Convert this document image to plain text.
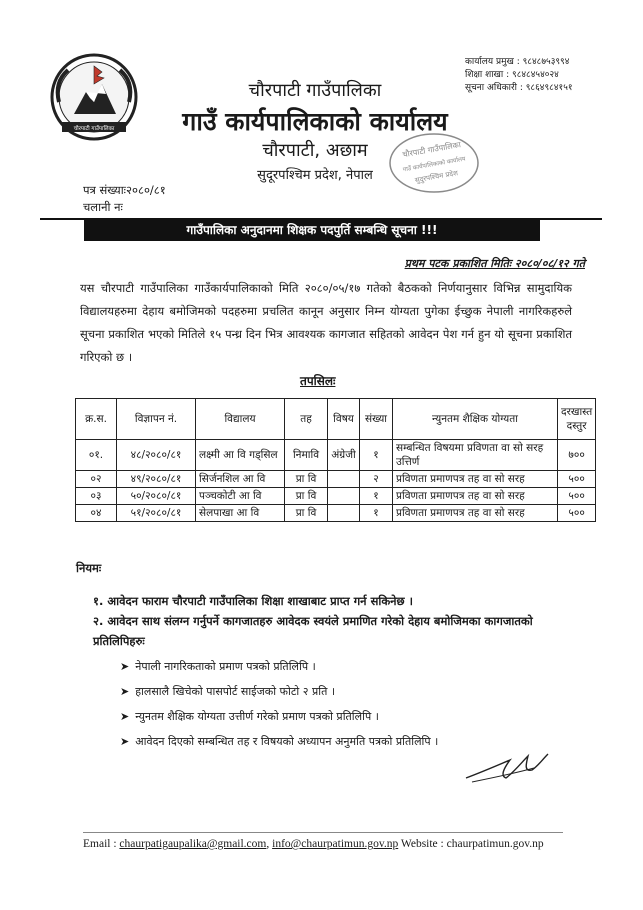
चौरपाटी गाउँपालिका
चौरपाटी गाउँपालिका
गाउँ कार्यपालिकाको कार्यालय
चौरपाटी, अछाम
सुदूरपश्चिम प्रदेश, नेपाल
कार्यालय प्रमुख : ९८४८७५३९९४
शिक्षा शाखा : ९८४८४५४०२४
सूचना अधिकारी : ९८६४९८४१५१
चौरपाटी गाउँपालिका
गाउँ कार्यपालिकाको कार्यालय
सुदुरपश्चिम प्रदेश
पत्र संख्याः२०८०/८१
चलानी नः
गाउँपालिका अनुदानमा शिक्षक पदपुर्ति सम्बन्धि सूचना !!!
प्रथम पटक प्रकाशित मितिः २०८०/०८/१२ गते
यस चौरपाटी गाउँपालिका गाउँकार्यपालिकाको मिति २०८०/०५/१७ गतेको बैठकको निर्णयानुसार विभिन्न सामुदायिक विद्यालयहरुमा देहाय बमोजिमको पदहरुमा प्रचलित कानून अनुसार निम्न योग्यता पुगेका ईच्छुक नेपाली नागरिकहरुले सूचना प्रकाशित भएको मितिले १५ पन्ध्र दिन भित्र आवश्यक कागजात सहितको आवेदन पेश गर्न हुन यो सूचना प्रकाशित गरिएको छ ।
तपसिलः
क्र.स.	विज्ञापन नं.	विद्यालय	तह	विषय	संख्या	न्युनतम शैक्षिक योग्यता	दरखास्त दस्तुर
०१.	४८/२०८०/८१	लक्ष्मी आ वि गड्सिल	निमावि	अंग्रेजी	१	सम्बन्धित विषयमा प्रविणता वा सो सरह उत्तिर्ण	७००
०२	४९/२०८०/८१	सिर्जनशिल आ वि	प्रा वि		२	प्रविणता प्रमाणपत्र तह वा सो सरह	५००
०३	५०/२०८०/८१	पञ्चकोटी आ वि	प्रा वि		१	प्रविणता प्रमाणपत्र तह वा सो सरह	५००
०४	५१/२०८०/८१	सेलपाखा आ वि	प्रा वि		१	प्रविणता प्रमाणपत्र तह वा सो सरह	५००
नियमः
१. आवेदन फाराम चौरपाटी गाउँपालिका शिक्षा शाखाबाट प्राप्त गर्न सकिनेछ ।
२. आवेदन साथ संलग्न गर्नुपर्ने कागजातहरु आवेदक स्वयंले प्रमाणित गरेको देहाय बमोजिमका कागजातको प्रतिलिपिहरुः
➤ नेपाली नागरिकताको प्रमाण पत्रको प्रतिलिपि ।
➤ हालसालै खिचेको पासपोर्ट साईजको फोटो २ प्रति ।
➤ न्युनतम शैक्षिक योग्यता उत्तीर्ण गरेको प्रमाण पत्रको प्रतिलिपि ।
➤ आवेदन दिएको सम्बन्धित तह र विषयको अध्यापन अनुमति पत्रको प्रतिलिपि ।
Email : chaurpatigaupalika@gmail.com, info@chaurpatimun.gov.np Website : chaurpatimun.gov.np
